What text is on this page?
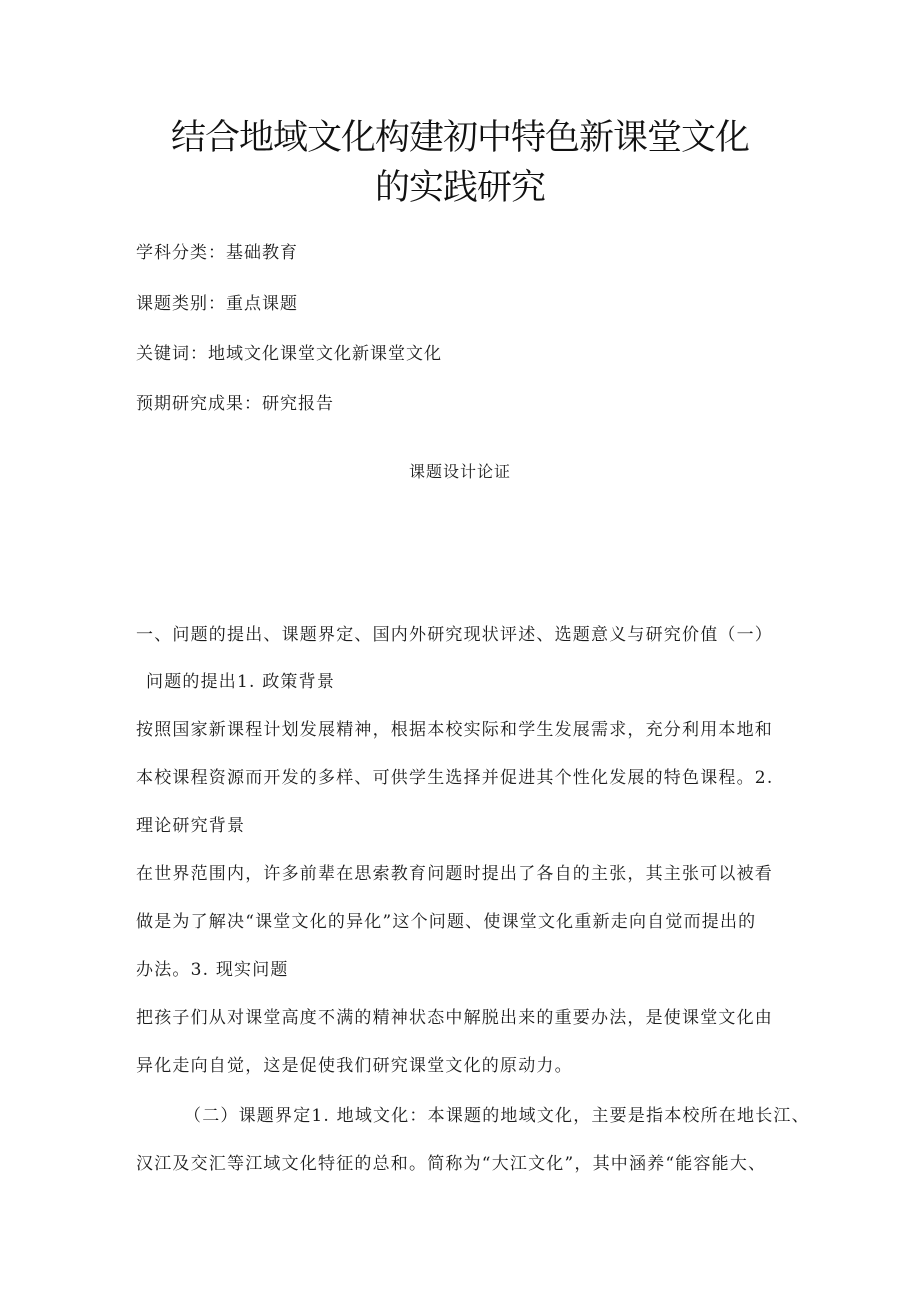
结合地域文化构建初中特色新课堂文化
的实践研究
学科分类：基础教育
课题类别：重点课题
关键词：地域文化课堂文化新课堂文化
预期研究成果：研究报告
课题设计论证
一、问题的提出、课题界定、国内外研究现状评述、选题意义与研究价值（一）
问题的提出1. 政策背景
按照国家新课程计划发展精神，根据本校实际和学生发展需求，充分利用本地和
本校课程资源而开发的多样、可供学生选择并促进其个性化发展的特色课程。2.
理论研究背景
在世界范围内，许多前辈在思索教育问题时提出了各自的主张，其主张可以被看
做是为了解决“课堂文化的异化”这个问题、使课堂文化重新走向自觉而提出的
办法。3. 现实问题
把孩子们从对课堂高度不满的精神状态中解脱出来的重要办法，是使课堂文化由
异化走向自觉，这是促使我们研究课堂文化的原动力。
（二）课题界定1. 地域文化：本课题的地域文化，主要是指本校所在地长江、
汉江及交汇等江域文化特征的总和。简称为“大江文化”，其中涵养“能容能大、
